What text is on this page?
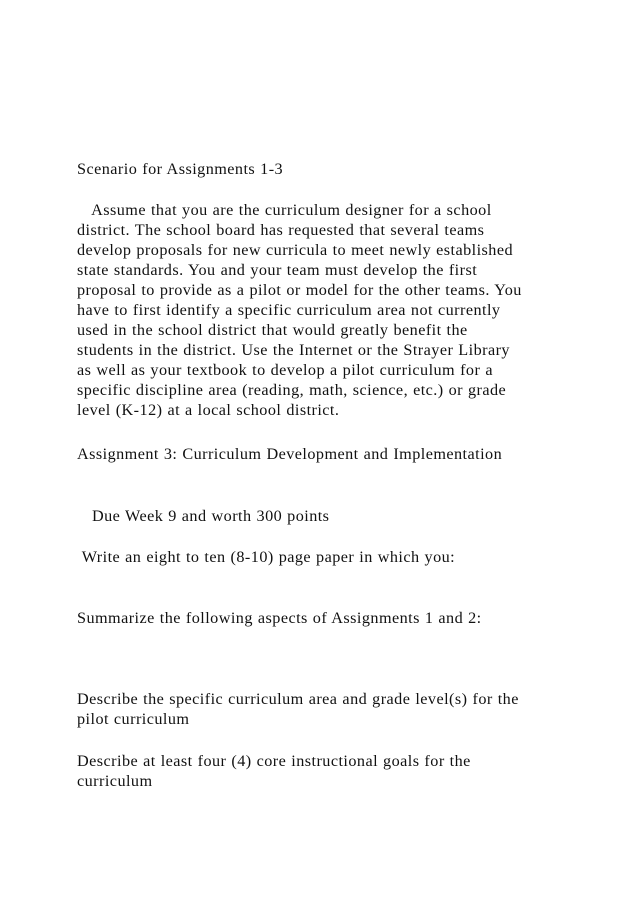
Scenario for Assignments 1-3
Assume that you are the curriculum designer for a school
district. The school board has requested that several teams
develop proposals for new curricula to meet newly established
state standards. You and your team must develop the first
proposal to provide as a pilot or model for the other teams. You
have to first identify a specific curriculum area not currently
used in the school district that would greatly benefit the
students in the district. Use the Internet or the Strayer Library
as well as your textbook to develop a pilot curriculum for a
specific discipline area (reading, math, science, etc.) or grade
level (K-12) at a local school district.
Assignment 3: Curriculum Development and Implementation
Due Week 9 and worth 300 points
Write an eight to ten (8-10) page paper in which you:
Summarize the following aspects of Assignments 1 and 2:
Describe the specific curriculum area and grade level(s) for the
pilot curriculum
Describe at least four (4) core instructional goals for the
curriculum
